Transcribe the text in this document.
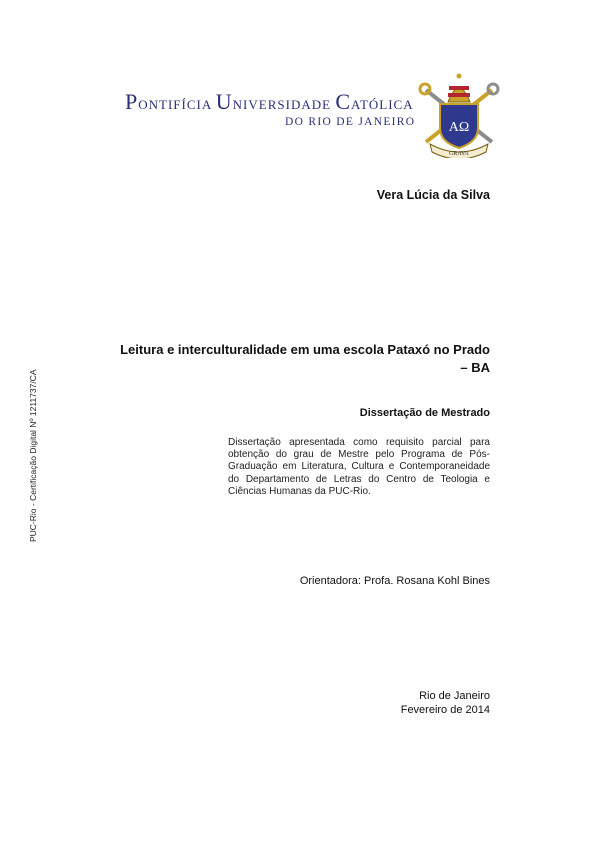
PONTIFÍCIA UNIVERSIDADE CATÓLICA
DO RIO DE JANEIRO	ΑΩ
GRAVA
Vera Lúcia da Silva
Leitura e interculturalidade em uma escola Pataxó no Prado
– BA
Dissertação de Mestrado
Dissertação apresentada como requisito parcial para obtenção do grau de Mestre pelo Programa de Pós-Graduação em Literatura, Cultura e Contemporaneidade do Departamento de Letras do Centro de Teologia e Ciências Humanas da PUC-Rio.
Orientadora: Profa. Rosana Kohl Bines
Rio de Janeiro
Fevereiro de 2014
PUC-Rio - Certificação Digital Nº 1211737/CA
